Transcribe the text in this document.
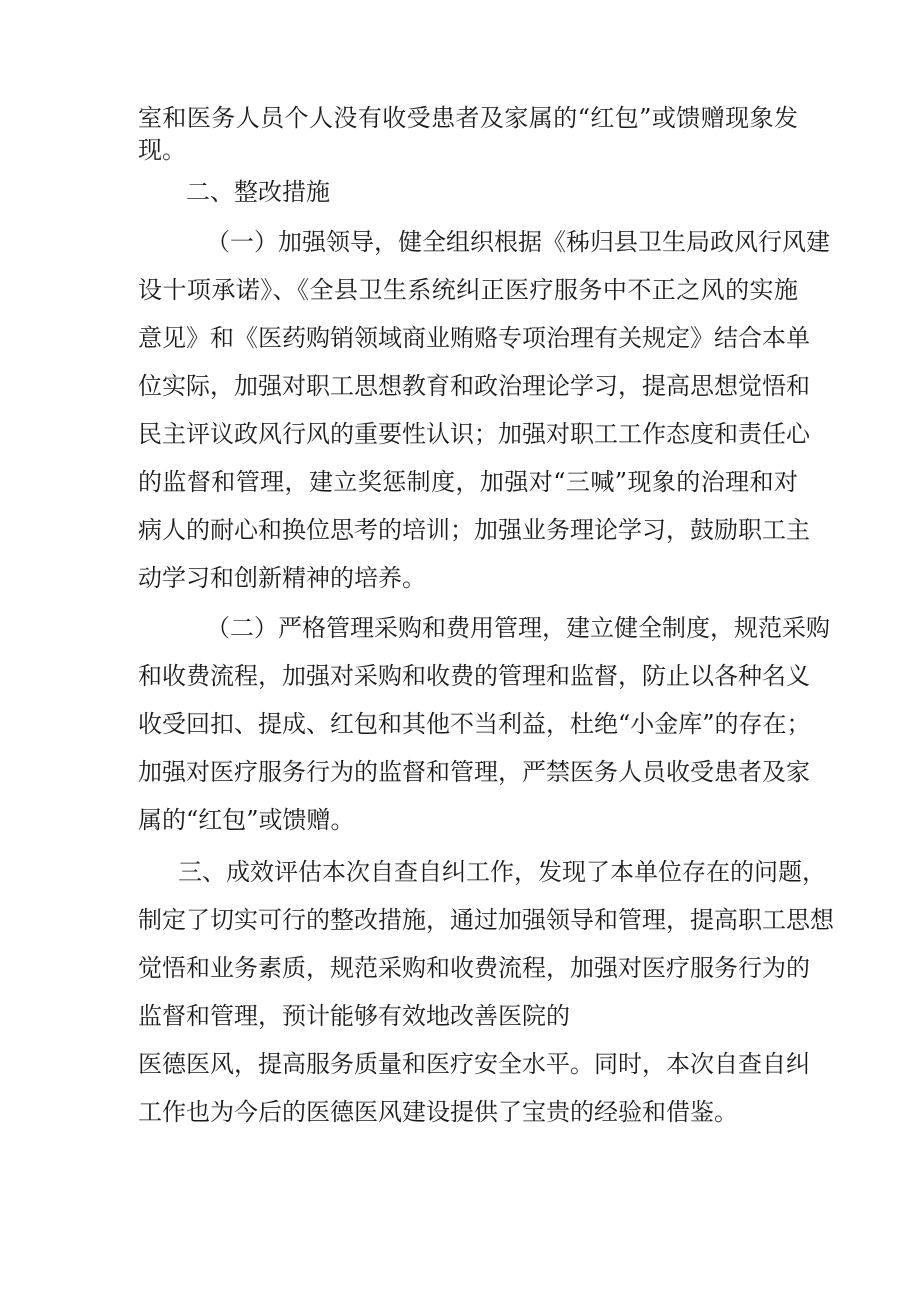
室和医务人员个人没有收受患者及家属的“红包”或馈赠现象发
现。
二、整改措施
（一）加强领导，健全组织根据《秭归县卫生局政风行风建
设十项承诺》、《全县卫生系统纠正医疗服务中不正之风的实施
意见》和《医药购销领域商业贿赂专项治理有关规定》结合本单
位实际，加强对职工思想教育和政治理论学习，提高思想觉悟和
民主评议政风行风的重要性认识；加强对职工工作态度和责任心
的监督和管理，建立奖惩制度，加强对“三喊”现象的治理和对
病人的耐心和换位思考的培训；加强业务理论学习，鼓励职工主
动学习和创新精神的培养。
（二）严格管理采购和费用管理，建立健全制度，规范采购
和收费流程，加强对采购和收费的管理和监督，防止以各种名义
收受回扣、提成、红包和其他不当利益，杜绝“小金库”的存在；
加强对医疗服务行为的监督和管理，严禁医务人员收受患者及家
属的“红包”或馈赠。
三、成效评估本次自查自纠工作，发现了本单位存在的问题，
制定了切实可行的整改措施，通过加强领导和管理，提高职工思想
觉悟和业务素质，规范采购和收费流程，加强对医疗服务行为的
监督和管理，预计能够有效地改善医院的
医德医风，提高服务质量和医疗安全水平。同时，本次自查自纠
工作也为今后的医德医风建设提供了宝贵的经验和借鉴。
